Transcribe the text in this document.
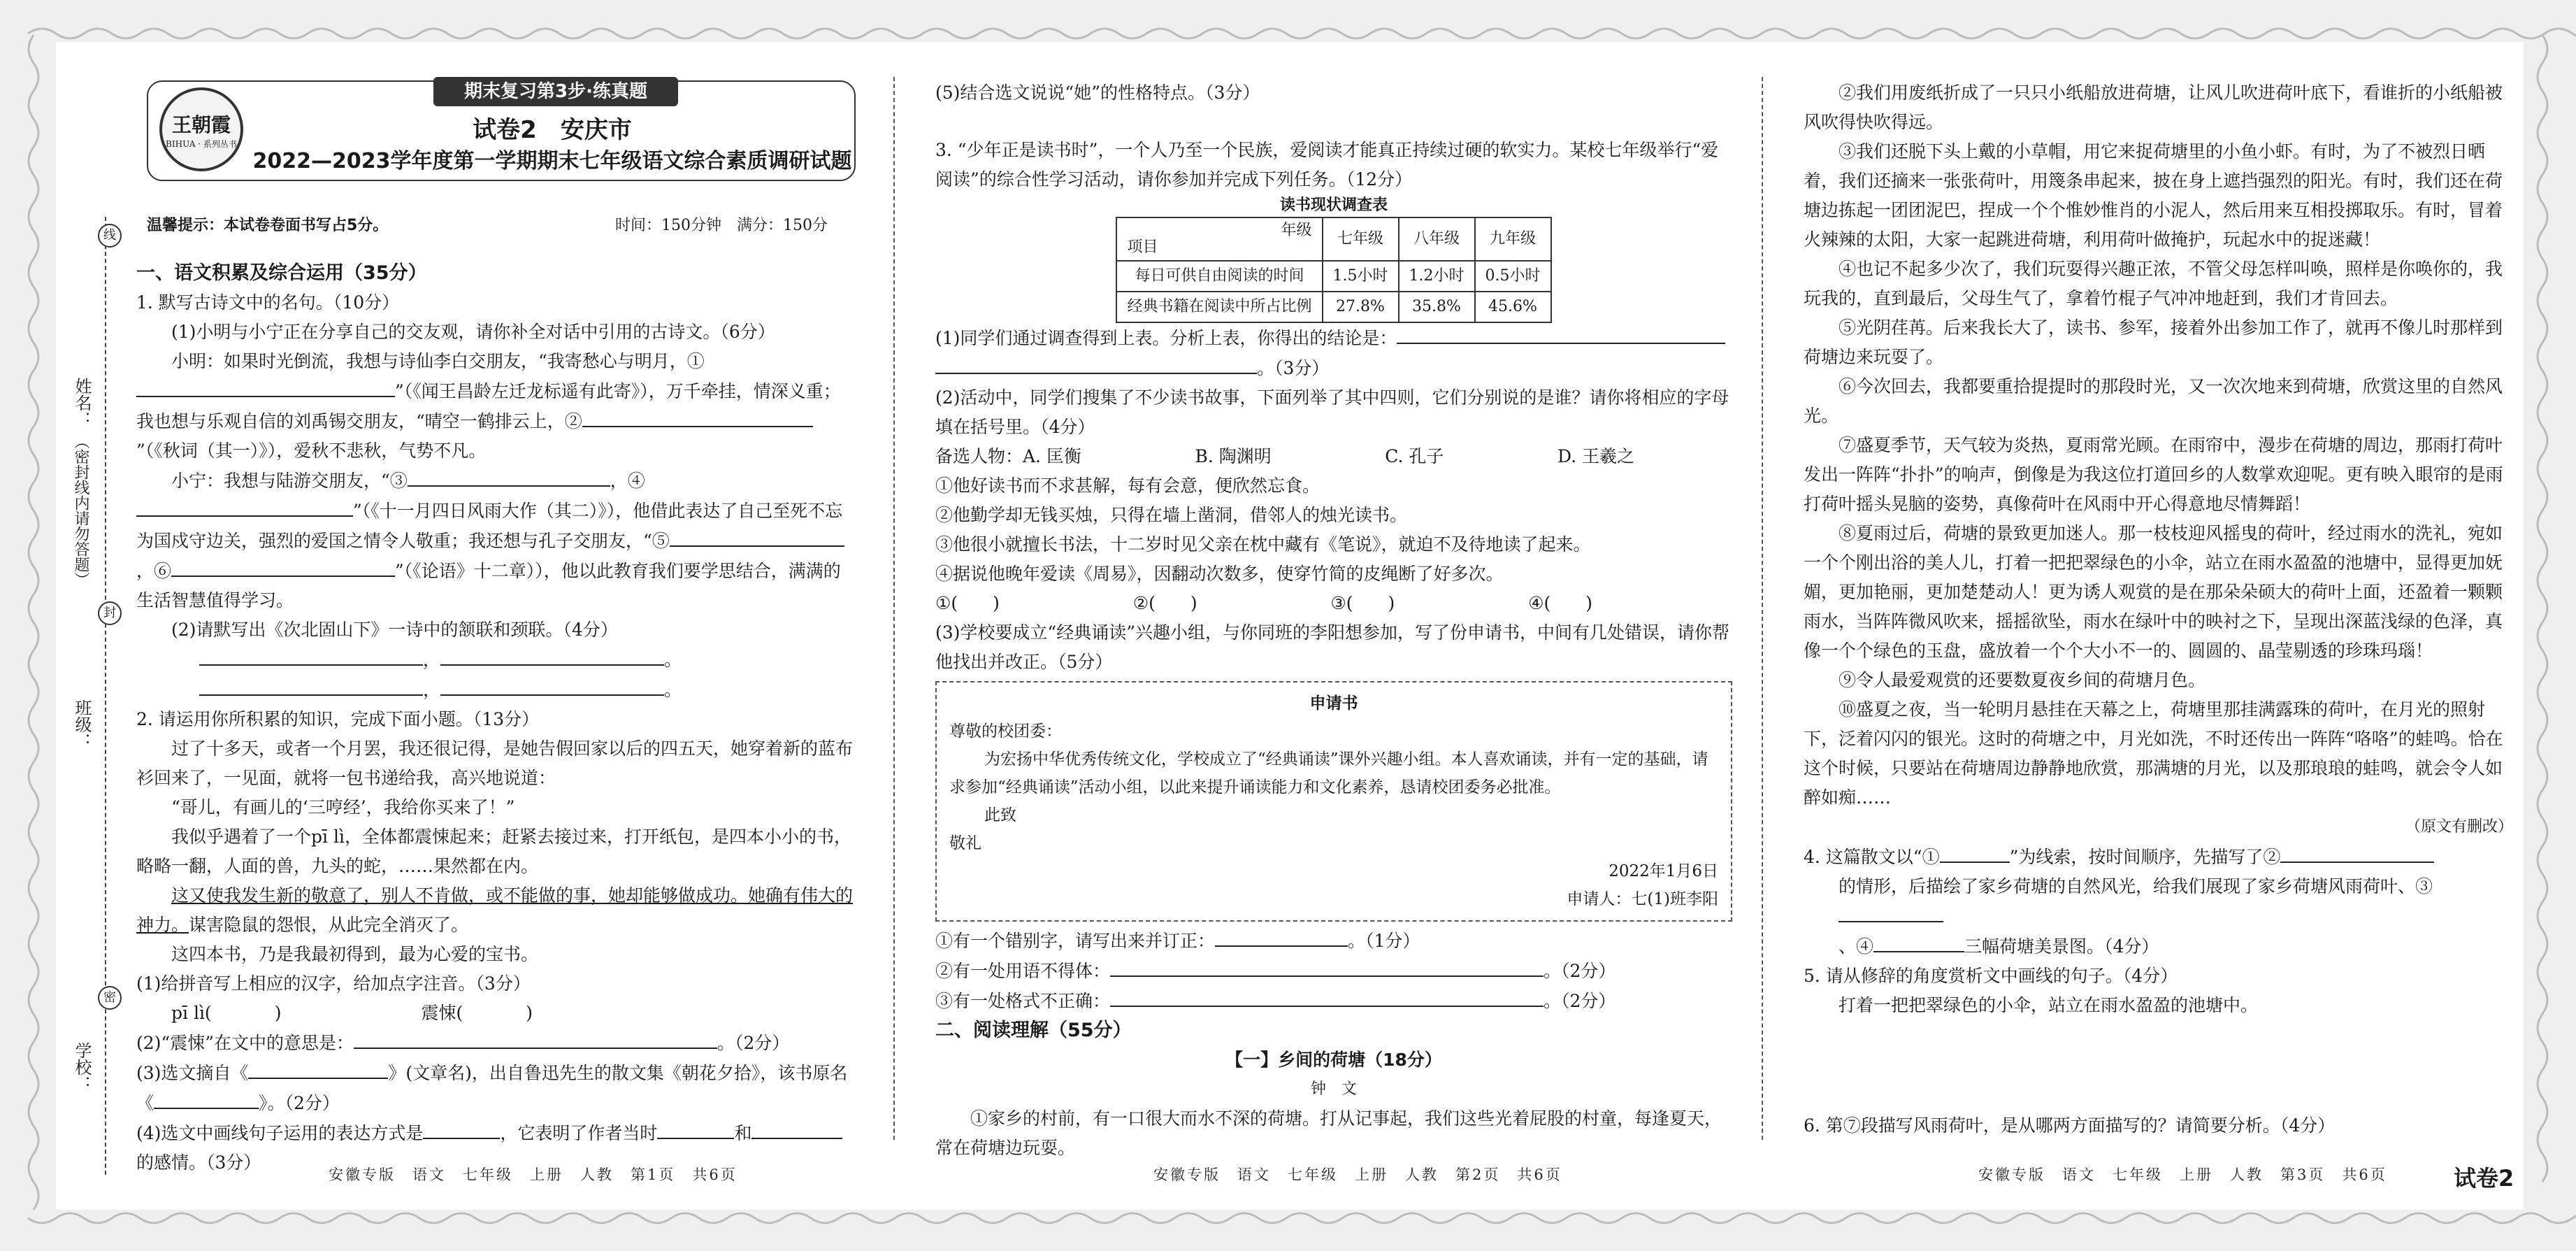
王朝霞
BIHUA · 系列丛书
期末复习第3步·练真题
试卷2　安庆市
2022—2023学年度第一学期期末七年级语文综合素质调研试题
温馨提示：本试卷卷面书写占5分。	时间：150分钟　满分：150分
线
封
密
姓名：
（密封线内请勿答题）
班级：
学校：

一、语文积累及综合运用（35分）

1. 默写古诗文中的名句。（10分）

(1)小明与小宁正在分享自己的交友观，请你补全对话中引用的古诗文。（6分）

小明：如果时光倒流，我想与诗仙李白交朋友，“我寄愁心与明月，①”（《闻王昌龄左迁龙标遥有此寄》），万千牵挂，情深义重；我也想与乐观自信的刘禹锡交朋友，“晴空一鹤排云上，②”（《秋词（其一）》），爱秋不悲秋，气势不凡。

小宁：我想与陆游交朋友，“③	，④”（《十一月四日风雨大作（其二）》），他借此表达了自己至死不忘为国戍守边关，强烈的爱国之情令人敬重；我还想与孔子交朋友，“⑤，⑥	”（《论语》十二章）），他以此教育我们要学思结合，满满的生活智慧值得学习。

(2)请默写出《次北固山下》一诗中的颔联和颈联。（4分）

，	。

，	。

2. 请运用你所积累的知识，完成下面小题。（13分）

过了十多天，或者一个月罢，我还很记得，是她告假回家以后的四五天，她穿着新的蓝布衫回来了，一见面，就将一包书递给我，高兴地说道：

“哥儿，有画儿的‘三哼经’，我给你买来了！”

我似乎遇着了一个pī lì，全体都震悚起来；赶紧去接过来，打开纸包，是四本小小的书，略略一翻，人面的兽，九头的蛇，……果然都在内。

这又使我发生新的敬意了，别人不肯做，或不能做的事，她却能够做成功。她确有伟大的神力。谋害隐鼠的怨恨，从此完全消灭了。

这四本书，乃是我最初得到，最为心爱的宝书。

(1)给拼音写上相应的汉字，给加点字注音。（3分）

pī lì(	)　　　　　　　　震悚(	)

(2)“震悚”在文中的意思是：	。（2分）

(3)选文摘自《	》(文章名)，出自鲁迅先生的散文集《朝花夕拾》，该书原名《	》。（2分）

(4)选文中画线句子运用的表达方式是	，它表明了作者当时	和的感情。（3分）

安徽专版　语文　七年级　上册　人教　第1页　共6页

(5)结合选文说说“她”的性格特点。（3分）

3. “少年正是读书时”，一个人乃至一个民族，爱阅读才能真正持续过硬的软实力。某校七年级举行“爱阅读”的综合性学习活动，请你参加并完成下列任务。（12分）

读书现状调查表

年级
项目	七年级	八年级	九年级
每日可供自由阅读的时间	1.5小时	1.2小时	0.5小时
经典书籍在阅读中所占比例	27.8%	35.8%	45.6%

(1)同学们通过调查得到上表。分析上表，你得出的结论是：

。（3分）

(2)活动中，同学们搜集了不少读书故事，下面列举了其中四则，它们分别说的是谁？请你将相应的字母填在括号里。（4分）

备选人物：A. 匡衡	B. 陶渊明	C. 孔子	D. 王羲之

①他好读书而不求甚解，每有会意，便欣然忘食。

②他勤学却无钱买烛，只得在墙上凿洞，借邻人的烛光读书。

③他很小就擅长书法，十二岁时见父亲在枕中藏有《笔说》，就迫不及待地读了起来。

④据说他晚年爱读《周易》，因翻动次数多，使穿竹简的皮绳断了好多次。

①(　　)	②(　　)	③(　　)	④(　　)

(3)学校要成立“经典诵读”兴趣小组，与你同班的李阳想参加，写了份申请书，中间有几处错误，请你帮他找出并改正。（5分）

申请书

尊敬的校团委：

为宏扬中华优秀传统文化，学校成立了“经典诵读”课外兴趣小组。本人喜欢诵读，并有一定的基础，请求参加“经典诵读”活动小组，以此来提升诵读能力和文化素养，恳请校团委务必批准。

此致

敬礼

2022年1月6日

申请人：七(1)班李阳

①有一个错别字，请写出来并订正：	。（1分）

②有一处用语不得体：	。（2分）

③有一处格式不正确：	。（2分）

二、阅读理解（55分）

【一】乡间的荷塘（18分）

钟　文

①家乡的村前，有一口很大而水不深的荷塘。打从记事起，我们这些光着屁股的村童，每逢夏天，常在荷塘边玩耍。

安徽专版　语文　七年级　上册　人教　第2页　共6页

②我们用废纸折成了一只只小纸船放进荷塘，让风儿吹进荷叶底下，看谁折的小纸船被风吹得快吹得远。

③我们还脱下头上戴的小草帽，用它来捉荷塘里的小鱼小虾。有时，为了不被烈日晒着，我们还摘来一张张荷叶，用篾条串起来，披在身上遮挡强烈的阳光。有时，我们还在荷塘边拣起一团团泥巴，捏成一个个惟妙惟肖的小泥人，然后用来互相投掷取乐。有时，冒着火辣辣的太阳，大家一起跳进荷塘，利用荷叶做掩护，玩起水中的捉迷藏！

④也记不起多少次了，我们玩耍得兴趣正浓，不管父母怎样叫唤，照样是你唤你的，我玩我的，直到最后，父母生气了，拿着竹棍子气冲冲地赶到，我们才肯回去。

⑤光阴荏苒。后来我长大了，读书、参军，接着外出参加工作了，就再不像儿时那样到荷塘边来玩耍了。

⑥今次回去，我都要重拾提提时的那段时光，又一次次地来到荷塘，欣赏这里的自然风光。

⑦盛夏季节，天气较为炎热，夏雨常光顾。在雨帘中，漫步在荷塘的周边，那雨打荷叶发出一阵阵“扑扑”的响声，倒像是为我这位打道回乡的人数掌欢迎呢。更有映入眼帘的是雨打荷叶摇头晃脑的姿势，真像荷叶在风雨中开心得意地尽情舞蹈！

⑧夏雨过后，荷塘的景致更加迷人。那一枝枝迎风摇曳的荷叶，经过雨水的洗礼，宛如一个个刚出浴的美人儿，打着一把把翠绿色的小伞，站立在雨水盈盈的池塘中，显得更加妩媚，更加艳丽，更加楚楚动人！更为诱人观赏的是在那朵朵硕大的荷叶上面，还盈着一颗颗雨水，当阵阵微风吹来，摇摇欲坠，雨水在绿叶中的映衬之下，呈现出深蓝浅绿的色泽，真像一个个绿色的玉盘，盛放着一个个大小不一的、圆圆的、晶莹剔透的珍珠玛瑙！

⑨令人最爱观赏的还要数夏夜乡间的荷塘月色。

⑩盛夏之夜，当一轮明月悬挂在天幕之上，荷塘里那挂满露珠的荷叶，在月光的照射下，泛着闪闪的银光。这时的荷塘之中，月光如洗，不时还传出一阵阵“咯咯”的蛙鸣。恰在这个时候，只要站在荷塘周边静静地欣赏，那满塘的月光，以及那琅琅的蛙鸣，就会令人如醉如痴……

（原文有删改）

4. 这篇散文以“①	”为线索，按时间顺序，先描写了②

的情形，后描绘了家乡荷塘的自然风光，给我们展现了家乡荷塘风雨荷叶、③

、④	三幅荷塘美景图。（4分）

5. 请从修辞的角度赏析文中画线的句子。（4分）

打着一把把翠绿色的小伞，站立在雨水盈盈的池塘中。

6. 第⑦段描写风雨荷叶，是从哪两方面描写的？请简要分析。（4分）

安徽专版　语文　七年级　上册　人教　第3页　共6页	试卷2
